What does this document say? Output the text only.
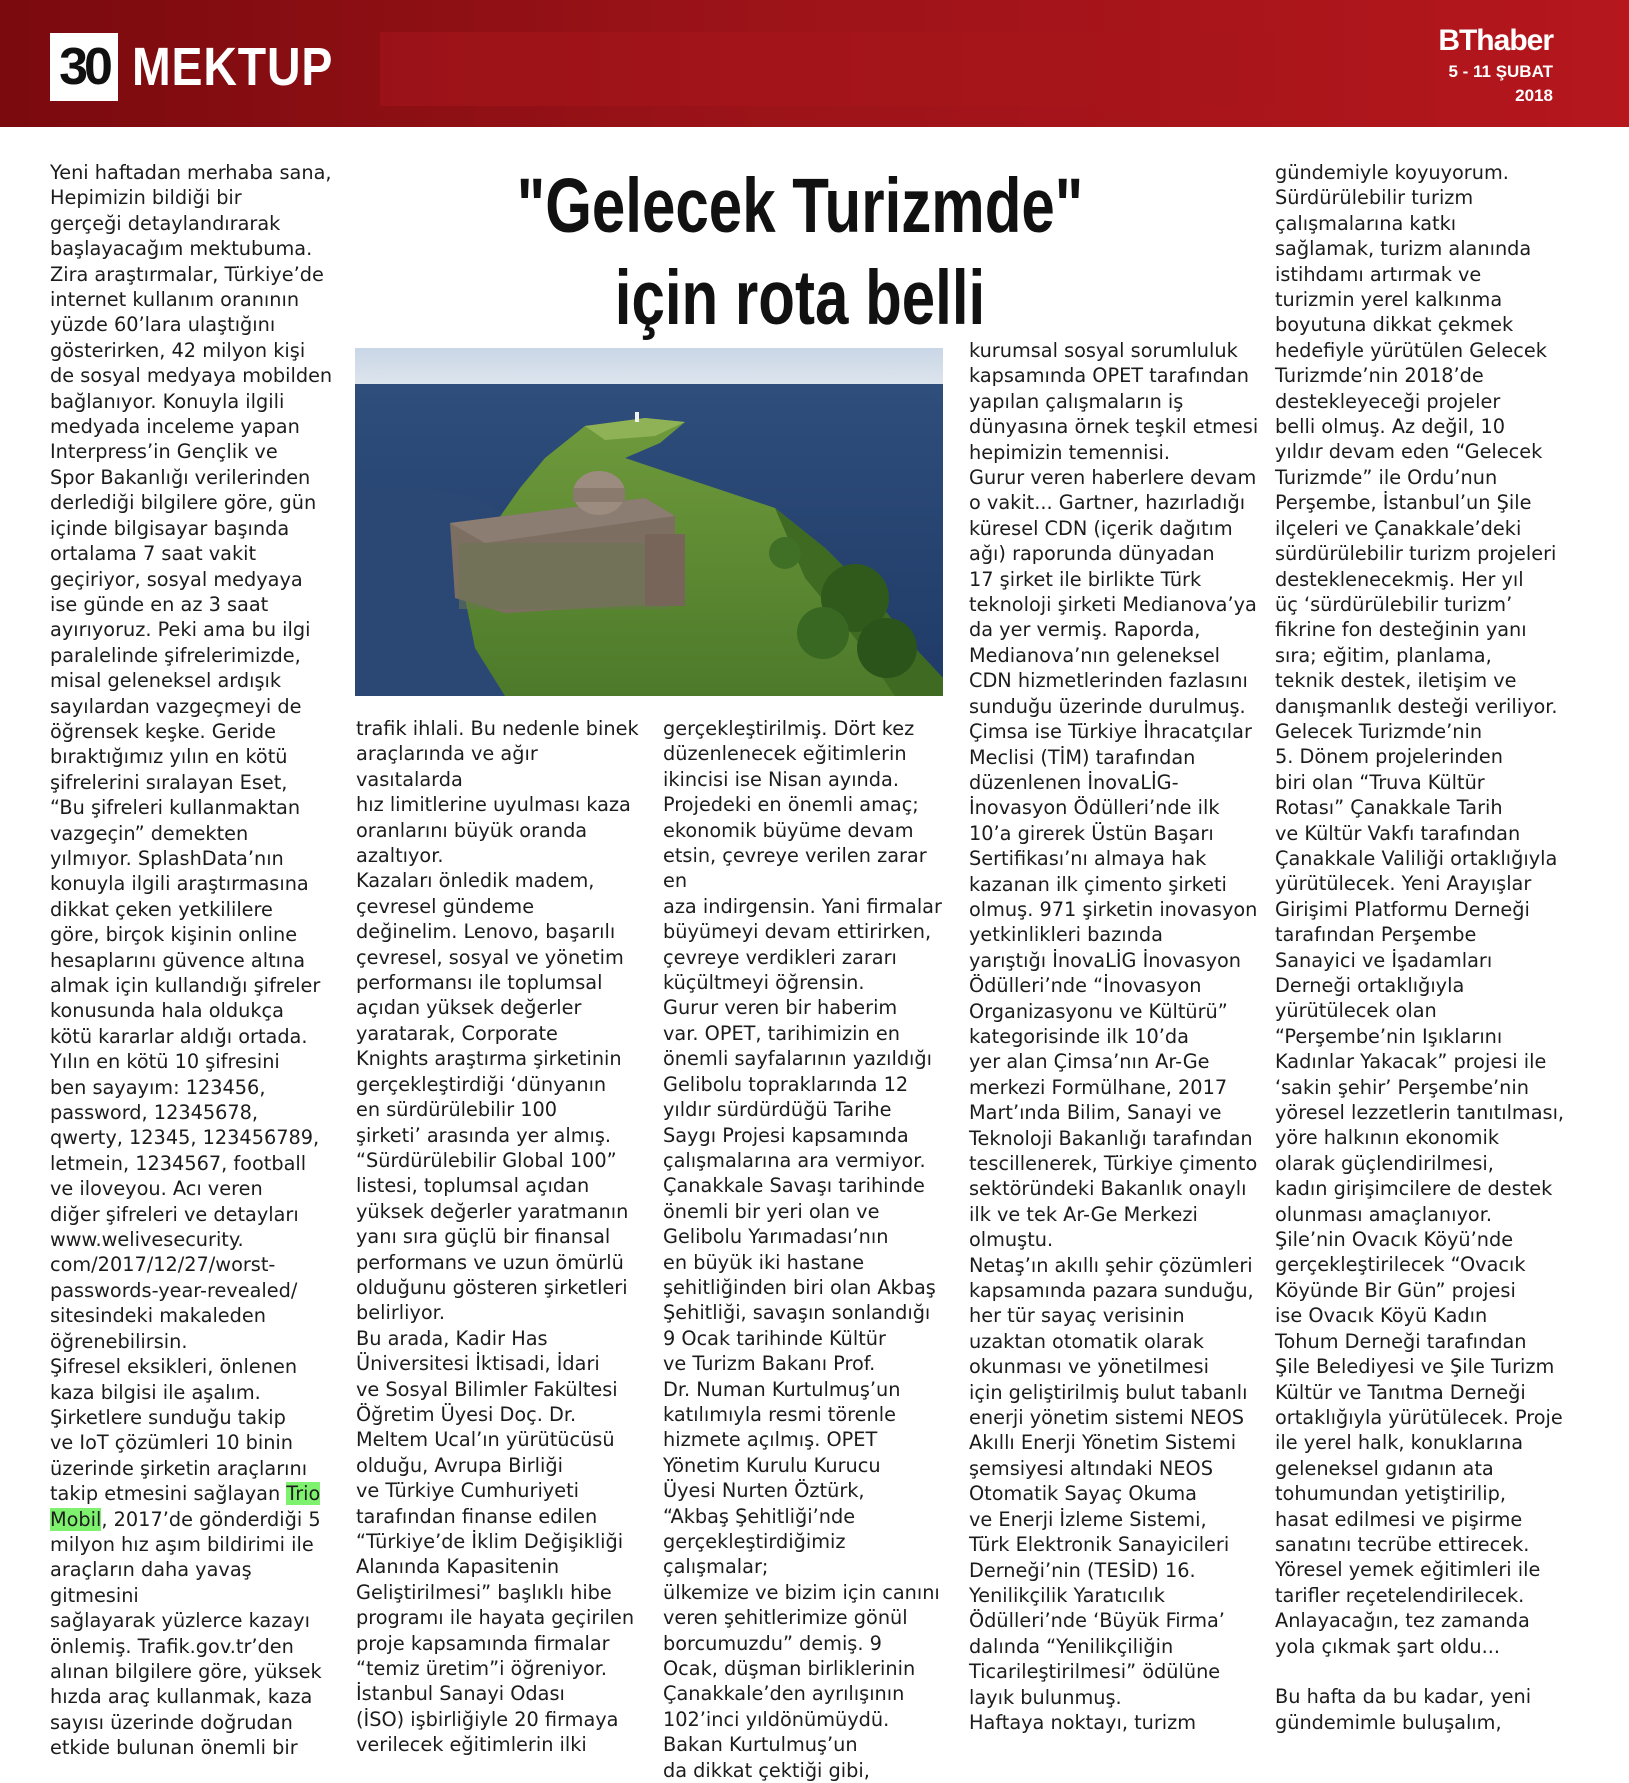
30 MEKTUP	BThaber
5 - 11 ŞUBAT
2018
"Gelecek Turizmde"
için rota belli
Yeni haftadan merhaba sana,
Hepimizin bildiği bir
gerçeği detaylandırarak
başlayacağım mektubuma.
Zira araştırmalar, Türkiye’de
internet kullanım oranının
yüzde 60’lara ulaştığını
gösterirken, 42 milyon kişi
de sosyal medyaya mobilden
bağlanıyor. Konuyla ilgili
medyada inceleme yapan
Interpress’in Gençlik ve
Spor Bakanlığı verilerinden
derlediği bilgilere göre, gün
içinde bilgisayar başında
ortalama 7 saat vakit
geçiriyor, sosyal medyaya
ise günde en az 3 saat
ayırıyoruz. Peki ama bu ilgi
paralelinde şifrelerimizde,
misal geleneksel ardışık
sayılardan vazgeçmeyi de
öğrensek keşke. Geride
bıraktığımız yılın en kötü
şifrelerini sıralayan Eset,
“Bu şifreleri kullanmaktan
vazgeçin” demekten
yılmıyor. SplashData’nın
konuyla ilgili araştırmasına
dikkat çeken yetkililere
göre, birçok kişinin online
hesaplarını güvence altına
almak için kullandığı şifreler
konusunda hala oldukça
kötü kararlar aldığı ortada.
Yılın en kötü 10 şifresini
ben sayayım: 123456,
password, 12345678,
qwerty, 12345, 123456789,
letmein, 1234567, football
ve iloveyou. Acı veren
diğer şifreleri ve detayları
www.welivesecurity.
com/2017/12/27/worst-
passwords-year-revealed/
sitesindeki makaleden
öğrenebilirsin.
Şifresel eksikleri, önlenen
kaza bilgisi ile aşalım.
Şirketlere sunduğu takip
ve IoT çözümleri 10 binin
üzerinde şirketin araçlarını
takip etmesini sağlayan Trio
Mobil, 2017’de gönderdiği 5
milyon hız aşım bildirimi ile
araçların daha yavaş gitmesini
sağlayarak yüzlerce kazayı
önlemiş. Trafik.gov.tr’den
alınan bilgilere göre, yüksek
hızda araç kullanmak, kaza
sayısı üzerinde doğrudan
etkide bulunan önemli bir
trafik ihlali. Bu nedenle binek
araçlarında ve ağır vasıtalarda
hız limitlerine uyulması kaza
oranlarını büyük oranda
azaltıyor.
Kazaları önledik madem,
çevresel gündeme
değinelim. Lenovo, başarılı
çevresel, sosyal ve yönetim
performansı ile toplumsal
açıdan yüksek değerler
yaratarak, Corporate
Knights araştırma şirketinin
gerçekleştirdiği ‘dünyanın
en sürdürülebilir 100
şirketi’ arasında yer almış.
“Sürdürülebilir Global 100”
listesi, toplumsal açıdan
yüksek değerler yaratmanın
yanı sıra güçlü bir finansal
performans ve uzun ömürlü
olduğunu gösteren şirketleri
belirliyor.
Bu arada, Kadir Has
Üniversitesi İktisadi, İdari
ve Sosyal Bilimler Fakültesi
Öğretim Üyesi Doç. Dr.
Meltem Ucal’ın yürütücüsü
olduğu, Avrupa Birliği
ve Türkiye Cumhuriyeti
tarafından finanse edilen
“Türkiye’de İklim Değişikliği
Alanında Kapasitenin
Geliştirilmesi” başlıklı hibe
programı ile hayata geçirilen
proje kapsamında firmalar
“temiz üretim”i öğreniyor.
İstanbul Sanayi Odası
(İSO) işbirliğiyle 20 firmaya
verilecek eğitimlerin ilki
gerçekleştirilmiş. Dört kez
düzenlenecek eğitimlerin
ikincisi ise Nisan ayında.
Projedeki en önemli amaç;
ekonomik büyüme devam
etsin, çevreye verilen zarar en
aza indirgensin. Yani firmalar
büyümeyi devam ettirirken,
çevreye verdikleri zararı
küçültmeyi öğrensin.
Gurur veren bir haberim
var. OPET, tarihimizin en
önemli sayfalarının yazıldığı
Gelibolu topraklarında 12
yıldır sürdürdüğü Tarihe
Saygı Projesi kapsamında
çalışmalarına ara vermiyor.
Çanakkale Savaşı tarihinde
önemli bir yeri olan ve
Gelibolu Yarımadası’nın
en büyük iki hastane
şehitliğinden biri olan Akbaş
Şehitliği, savaşın sonlandığı
9 Ocak tarihinde Kültür
ve Turizm Bakanı Prof.
Dr. Numan Kurtulmuş’un
katılımıyla resmi törenle
hizmete açılmış. OPET
Yönetim Kurulu Kurucu
Üyesi Nurten Öztürk,
“Akbaş Şehitliği’nde
gerçekleştirdiğimiz çalışmalar;
ülkemize ve bizim için canını
veren şehitlerimize gönül
borcumuzdu” demiş. 9
Ocak, düşman birliklerinin
Çanakkale’den ayrılışının
102’inci yıldönümüydü.
Bakan Kurtulmuş’un
da dikkat çektiği gibi,
kurumsal sosyal sorumluluk
kapsamında OPET tarafından
yapılan çalışmaların iş
dünyasına örnek teşkil etmesi
hepimizin temennisi.
Gurur veren haberlere devam
o vakit... Gartner, hazırladığı
küresel CDN (içerik dağıtım
ağı) raporunda dünyadan
17 şirket ile birlikte Türk
teknoloji şirketi Medianova’ya
da yer vermiş. Raporda,
Medianova’nın geleneksel
CDN hizmetlerinden fazlasını
sunduğu üzerinde durulmuş.
Çimsa ise Türkiye İhracatçılar
Meclisi (TİM) tarafından
düzenlenen İnovaLİG-
İnovasyon Ödülleri’nde ilk
10’a girerek Üstün Başarı
Sertifikası’nı almaya hak
kazanan ilk çimento şirketi
olmuş. 971 şirketin inovasyon
yetkinlikleri bazında
yarıştığı İnovaLİG İnovasyon
Ödülleri’nde “İnovasyon
Organizasyonu ve Kültürü”
kategorisinde ilk 10’da
yer alan Çimsa’nın Ar-Ge
merkezi Formülhane, 2017
Mart’ında Bilim, Sanayi ve
Teknoloji Bakanlığı tarafından
tescillenerek, Türkiye çimento
sektöründeki Bakanlık onaylı
ilk ve tek Ar-Ge Merkezi
olmuştu.
Netaş’ın akıllı şehir çözümleri
kapsamında pazara sunduğu,
her tür sayaç verisinin
uzaktan otomatik olarak
okunması ve yönetilmesi
için geliştirilmiş bulut tabanlı
enerji yönetim sistemi NEOS
Akıllı Enerji Yönetim Sistemi
şemsiyesi altındaki NEOS
Otomatik Sayaç Okuma
ve Enerji İzleme Sistemi,
Türk Elektronik Sanayicileri
Derneği’nin (TESİD) 16.
Yenilikçilik Yaratıcılık
Ödülleri’nde ‘Büyük Firma’
dalında “Yenilikçiliğin
Ticarileştirilmesi” ödülüne
layık bulunmuş.
Haftaya noktayı, turizm
gündemiyle koyuyorum.
Sürdürülebilir turizm
çalışmalarına katkı
sağlamak, turizm alanında
istihdamı artırmak ve
turizmin yerel kalkınma
boyutuna dikkat çekmek
hedefiyle yürütülen Gelecek
Turizmde’nin 2018’de
destekleyeceği projeler
belli olmuş. Az değil, 10
yıldır devam eden “Gelecek
Turizmde” ile Ordu’nun
Perşembe, İstanbul’un Şile
ilçeleri ve Çanakkale’deki
sürdürülebilir turizm projeleri
desteklenecekmiş. Her yıl
üç ‘sürdürülebilir turizm’
fikrine fon desteğinin yanı
sıra; eğitim, planlama,
teknik destek, iletişim ve
danışmanlık desteği veriliyor.
Gelecek Turizmde’nin
5. Dönem projelerinden
biri olan “Truva Kültür
Rotası” Çanakkale Tarih
ve Kültür Vakfı tarafından
Çanakkale Valiliği ortaklığıyla
yürütülecek. Yeni Arayışlar
Girişimi Platformu Derneği
tarafından Perşembe
Sanayici ve İşadamları
Derneği ortaklığıyla
yürütülecek olan
“Perşembe’nin Işıklarını
Kadınlar Yakacak” projesi ile
‘sakin şehir’ Perşembe’nin
yöresel lezzetlerin tanıtılması,
yöre halkının ekonomik
olarak güçlendirilmesi,
kadın girişimcilere de destek
olunması amaçlanıyor.
Şile’nin Ovacık Köyü’nde
gerçekleştirilecek “Ovacık
Köyünde Bir Gün” projesi
ise Ovacık Köyü Kadın
Tohum Derneği tarafından
Şile Belediyesi ve Şile Turizm
Kültür ve Tanıtma Derneği
ortaklığıyla yürütülecek. Proje
ile yerel halk, konuklarına
geleneksel gıdanın ata
tohumundan yetiştirilip,
hasat edilmesi ve pişirme
sanatını tecrübe ettirecek.
Yöresel yemek eğitimleri ile
tarifler reçetelendirilecek.
Anlayacağın, tez zamanda
yola çıkmak şart oldu...

Bu hafta da bu kadar, yeni
gündemimle buluşalım,
